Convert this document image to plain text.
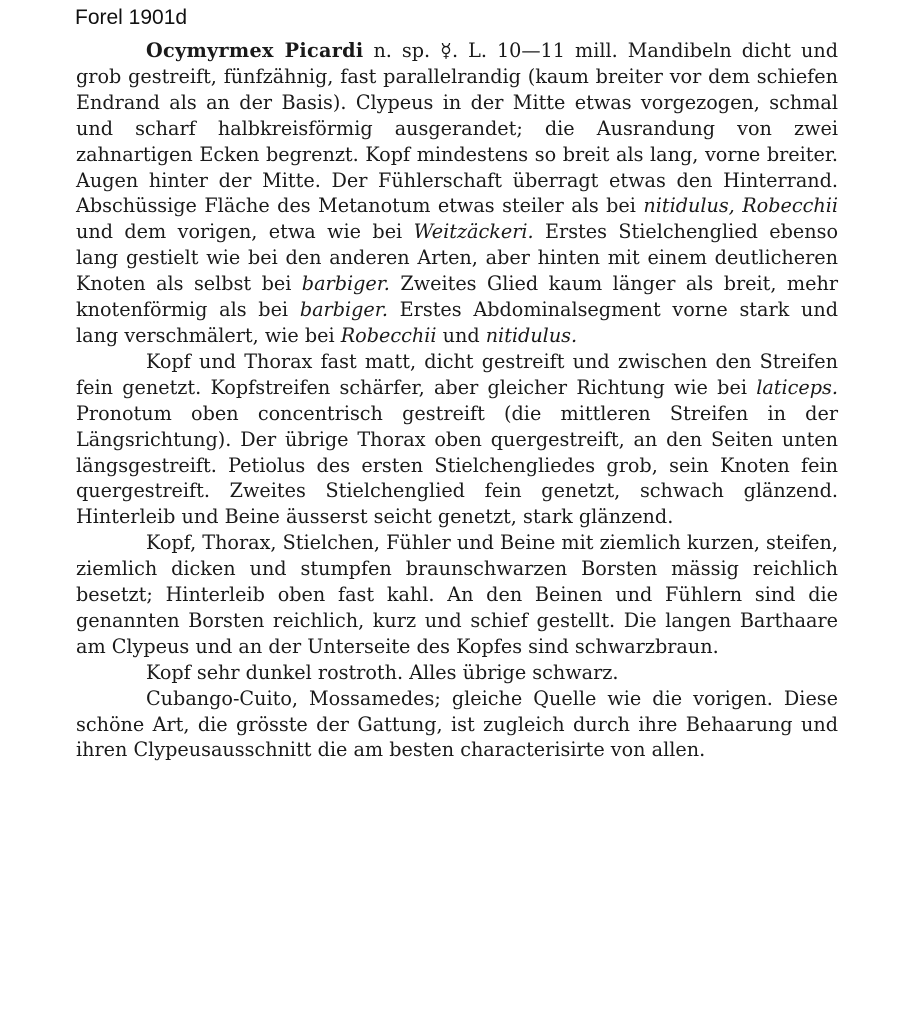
Forel 1901d

Ocymyrmex Picardi n. sp. ☿. L. 10—11 mill. Mandibeln dicht und grob gestreift, fünfzähnig, fast parallelrandig (kaum breiter vor dem schiefen Endrand als an der Basis). Clypeus in der Mitte etwas vorgezogen, schmal und scharf halbkreisförmig ausgerandet; die Ausrandung von zwei zahnartigen Ecken begrenzt. Kopf mindestens so breit als lang, vorne breiter. Augen hinter der Mitte. Der Fühlerschaft überragt etwas den Hinterrand. Abschüssige Fläche des Metanotum etwas steiler als bei nitidulus, Robecchii und dem vorigen, etwa wie bei Weitzäckeri. Erstes Stielchenglied ebenso lang gestielt wie bei den anderen Arten, aber hinten mit einem deutlicheren Knoten als selbst bei barbiger. Zweites Glied kaum länger als breit, mehr knotenförmig als bei barbiger. Erstes Abdominalsegment vorne stark und lang verschmälert, wie bei Robecchii und nitidulus.

Kopf und Thorax fast matt, dicht gestreift und zwischen den Streifen fein genetzt. Kopfstreifen schärfer, aber gleicher Richtung wie bei laticeps. Pronotum oben concentrisch gestreift (die mittleren Streifen in der Längsrichtung). Der übrige Thorax oben quergestreift, an den Seiten unten längsgestreift. Petiolus des ersten Stielchengliedes grob, sein Knoten fein quergestreift. Zweites Stielchenglied fein genetzt, schwach glänzend. Hinterleib und Beine äusserst seicht genetzt, stark glänzend.

Kopf, Thorax, Stielchen, Fühler und Beine mit ziemlich kurzen, steifen, ziemlich dicken und stumpfen braunschwarzen Borsten mässig reichlich besetzt; Hinterleib oben fast kahl. An den Beinen und Fühlern sind die genannten Borsten reichlich, kurz und schief gestellt. Die langen Barthaare am Clypeus und an der Unterseite des Kopfes sind schwarzbraun.

Kopf sehr dunkel rostroth. Alles übrige schwarz.

Cubango-Cuito, Mossamedes; gleiche Quelle wie die vorigen. Diese schöne Art, die grösste der Gattung, ist zugleich durch ihre Behaarung und ihren Clypeusausschnitt die am besten characterisirte von allen.
